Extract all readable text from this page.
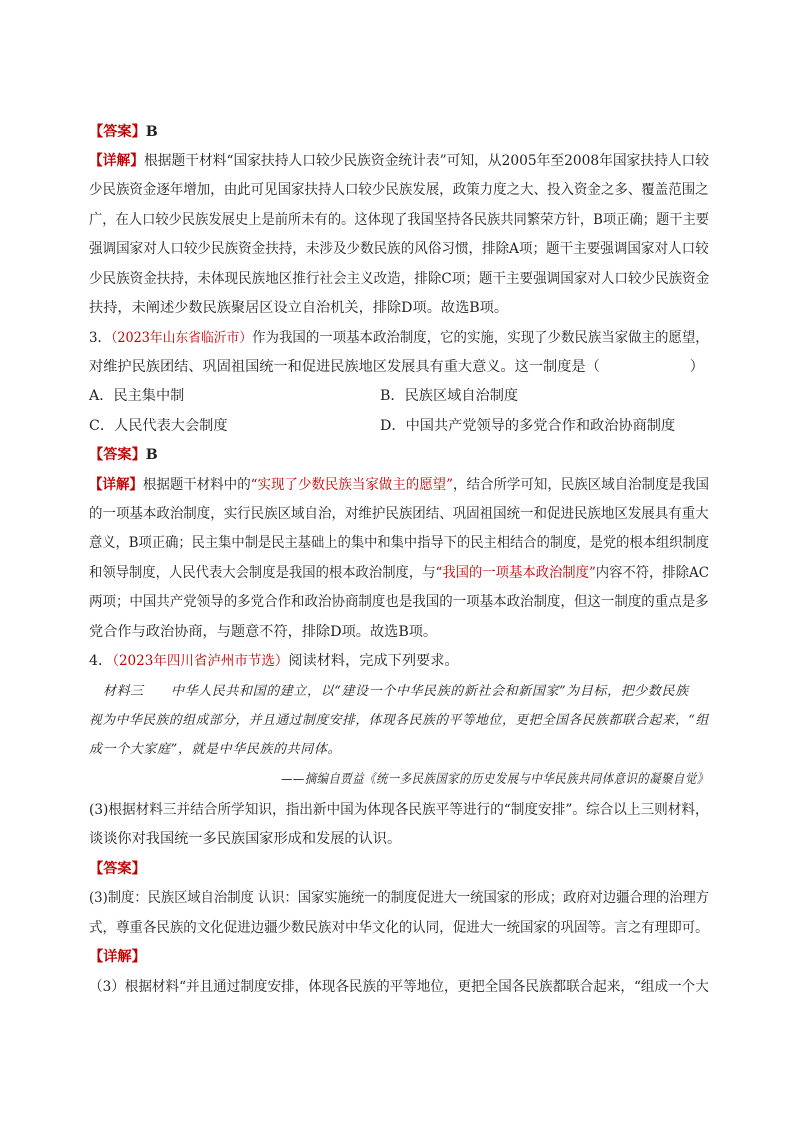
【答案】B
【详解】根据题干材料“国家扶持人口较少民族资金统计表”可知，从2005年至2008年国家扶持人口较
少民族资金逐年增加，由此可见国家扶持人口较少民族发展，政策力度之大、投入资金之多、覆盖范围之
广，在人口较少民族发展史上是前所未有的。这体现了我国坚持各民族共同繁荣方针，B项正确；题干主要
强调国家对人口较少民族资金扶持，未涉及少数民族的风俗习惯，排除A项；题干主要强调国家对人口较
少民族资金扶持，未体现民族地区推行社会主义改造，排除C项；题干主要强调国家对人口较少民族资金
扶持，未阐述少数民族聚居区设立自治机关，排除D项。故选B项。
3．（2023年山东省临沂市）作为我国的一项基本政治制度，它的实施，实现了少数民族当家做主的愿望，
对维护民族团结、巩固祖国统一和促进民族地区发展具有重大意义。这一制度是（	）
A．民主集中制	B．民族区域自治制度
C．人民代表大会制度	D．中国共产党领导的多党合作和政治协商制度
【答案】B
【详解】根据题干材料中的“实现了少数民族当家做主的愿望”，结合所学可知，民族区域自治制度是我国
的一项基本政治制度，实行民族区域自治，对维护民族团结、巩固祖国统一和促进民族地区发展具有重大
意义，B项正确；民主集中制是民主基础上的集中和集中指导下的民主相结合的制度，是党的根本组织制度
和领导制度，人民代表大会制度是我国的根本政治制度，与“我国的一项基本政治制度”内容不符，排除AC
两项；中国共产党领导的多党合作和政治协商制度也是我国的一项基本政治制度，但这一制度的重点是多
党合作与政治协商，与题意不符，排除D项。故选B项。
4．（2023年四川省泸州市节选）阅读材料，完成下列要求。
材料三　　中华人民共和国的建立，以“建设一个中华民族的新社会和新国家”为目标，把少数民族
视为中华民族的组成部分，并且通过制度安排，体现各民族的平等地位，更把全国各民族都联合起来，“组
成一个大家庭”，就是中华民族的共同体。
——摘编自贾益《统一多民族国家的历史发展与中华民族共同体意识的凝聚自觉》
(3)根据材料三并结合所学知识，指出新中国为体现各民族平等进行的“制度安排”。综合以上三则材料，
谈谈你对我国统一多民族国家形成和发展的认识。
【答案】
(3)制度：民族区域自治制度 认识：国家实施统一的制度促进大一统国家的形成；政府对边疆合理的治理方
式，尊重各民族的文化促进边疆少数民族对中华文化的认同，促进大一统国家的巩固等。言之有理即可。
【详解】
（3）根据材料“并且通过制度安排，体现各民族的平等地位，更把全国各民族都联合起来，“组成一个大
